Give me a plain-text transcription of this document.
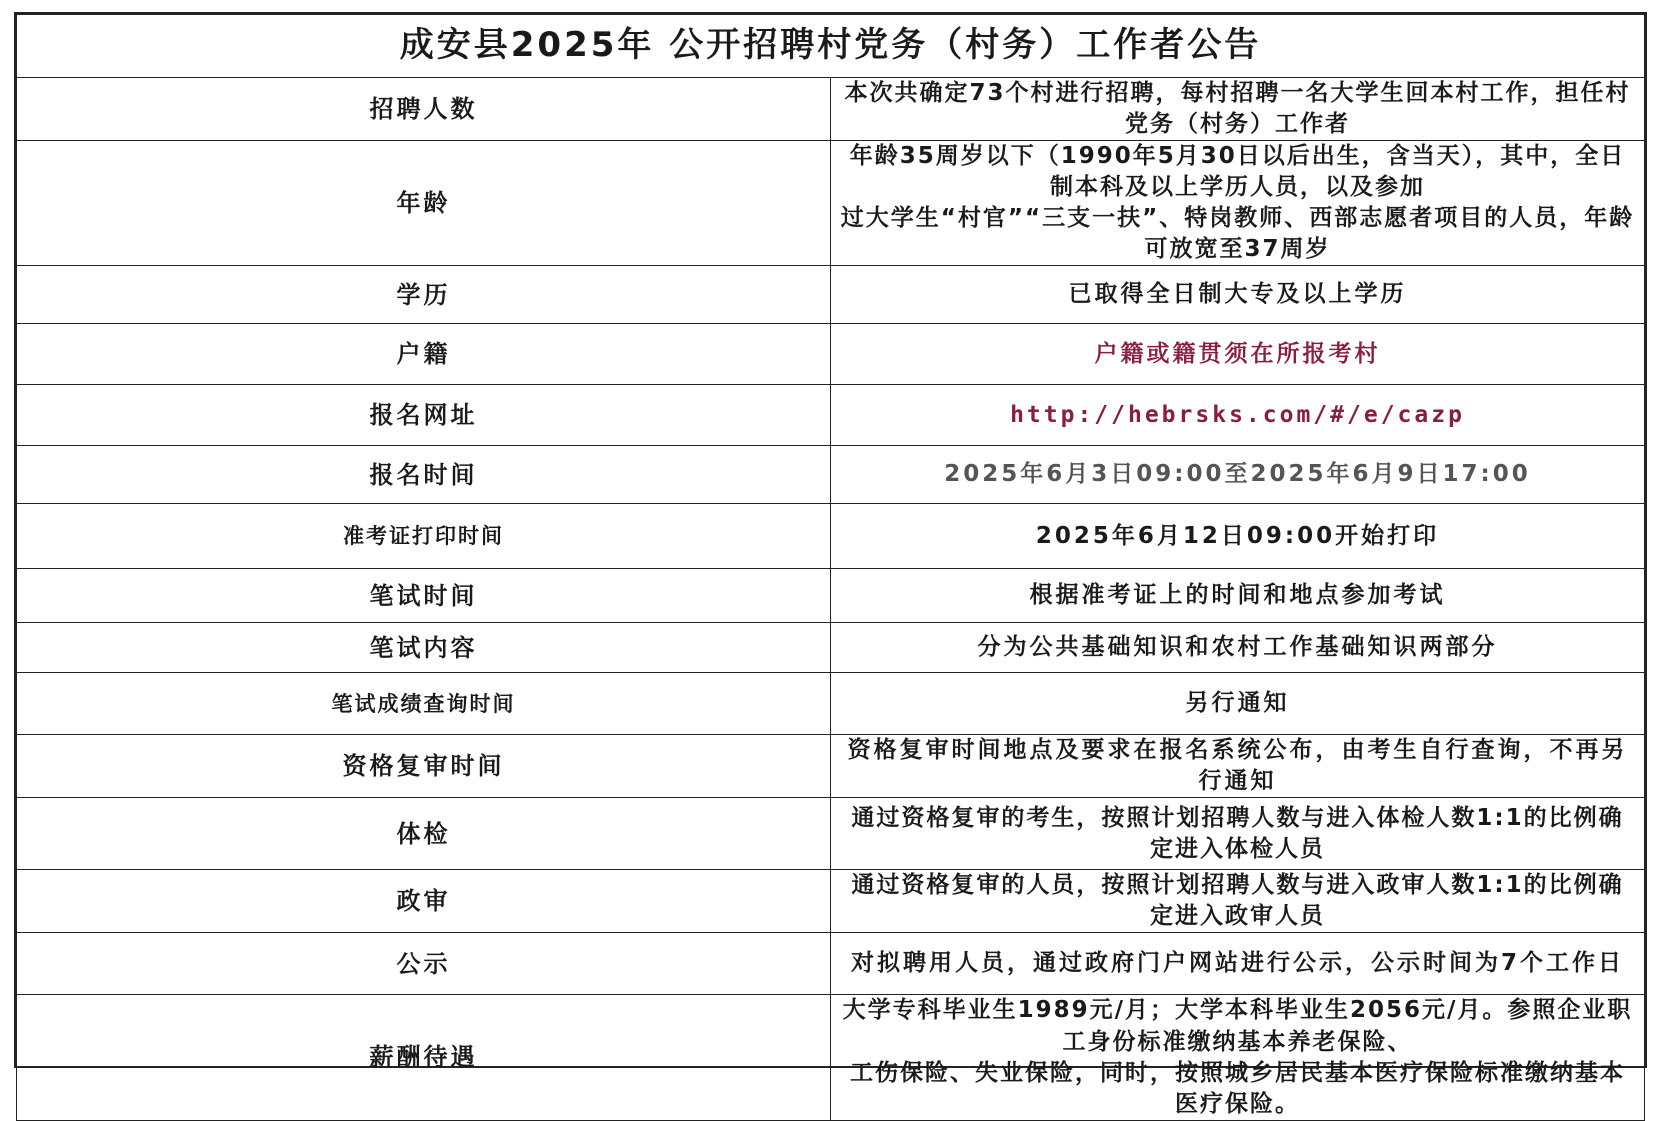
成安县2025年 公开招聘村党务（村务）工作者公告	
招聘人数	本次共确定73个村进行招聘，每村招聘一名大学生回本村工作，担任村党务（村务）工作者
年龄	年龄35周岁以下（1990年5月30日以后出生，含当天），其中，全日制本科及以上学历人员，以及参加
过大学生“村官”“三支一扶”、特岗教师、西部志愿者项目的人员，年龄可放宽至37周岁

学历	已取得全日制大专及以上学历
户籍	户籍或籍贯须在所报考村
报名网址	http://hebrsks.com/#/e/cazp
报名时间	2025年6月3日09:00至2025年6月9日17:00
准考证打印时间	2025年6月12日09:00开始打印
笔试时间	根据准考证上的时间和地点参加考试
笔试内容	分为公共基础知识和农村工作基础知识两部分
笔试成绩查询时间	另行通知
资格复审时间	资格复审时间地点及要求在报名系统公布，由考生自行查询，不再另行通知
体检	通过资格复审的考生，按照计划招聘人数与进入体检人数1:1的比例确定进入体检人员
政审	通过资格复审的人员，按照计划招聘人数与进入政审人数1:1的比例确定进入政审人员
公示	对拟聘用人员，通过政府门户网站进行公示，公示时间为7个工作日
薪酬待遇	大学专科毕业生1989元/月；大学本科毕业生2056元/月。参照企业职工身份标准缴纳基本养老保险、
工伤保险、失业保险，同时，按照城乡居民基本医疗保险标准缴纳基本医疗保险。
